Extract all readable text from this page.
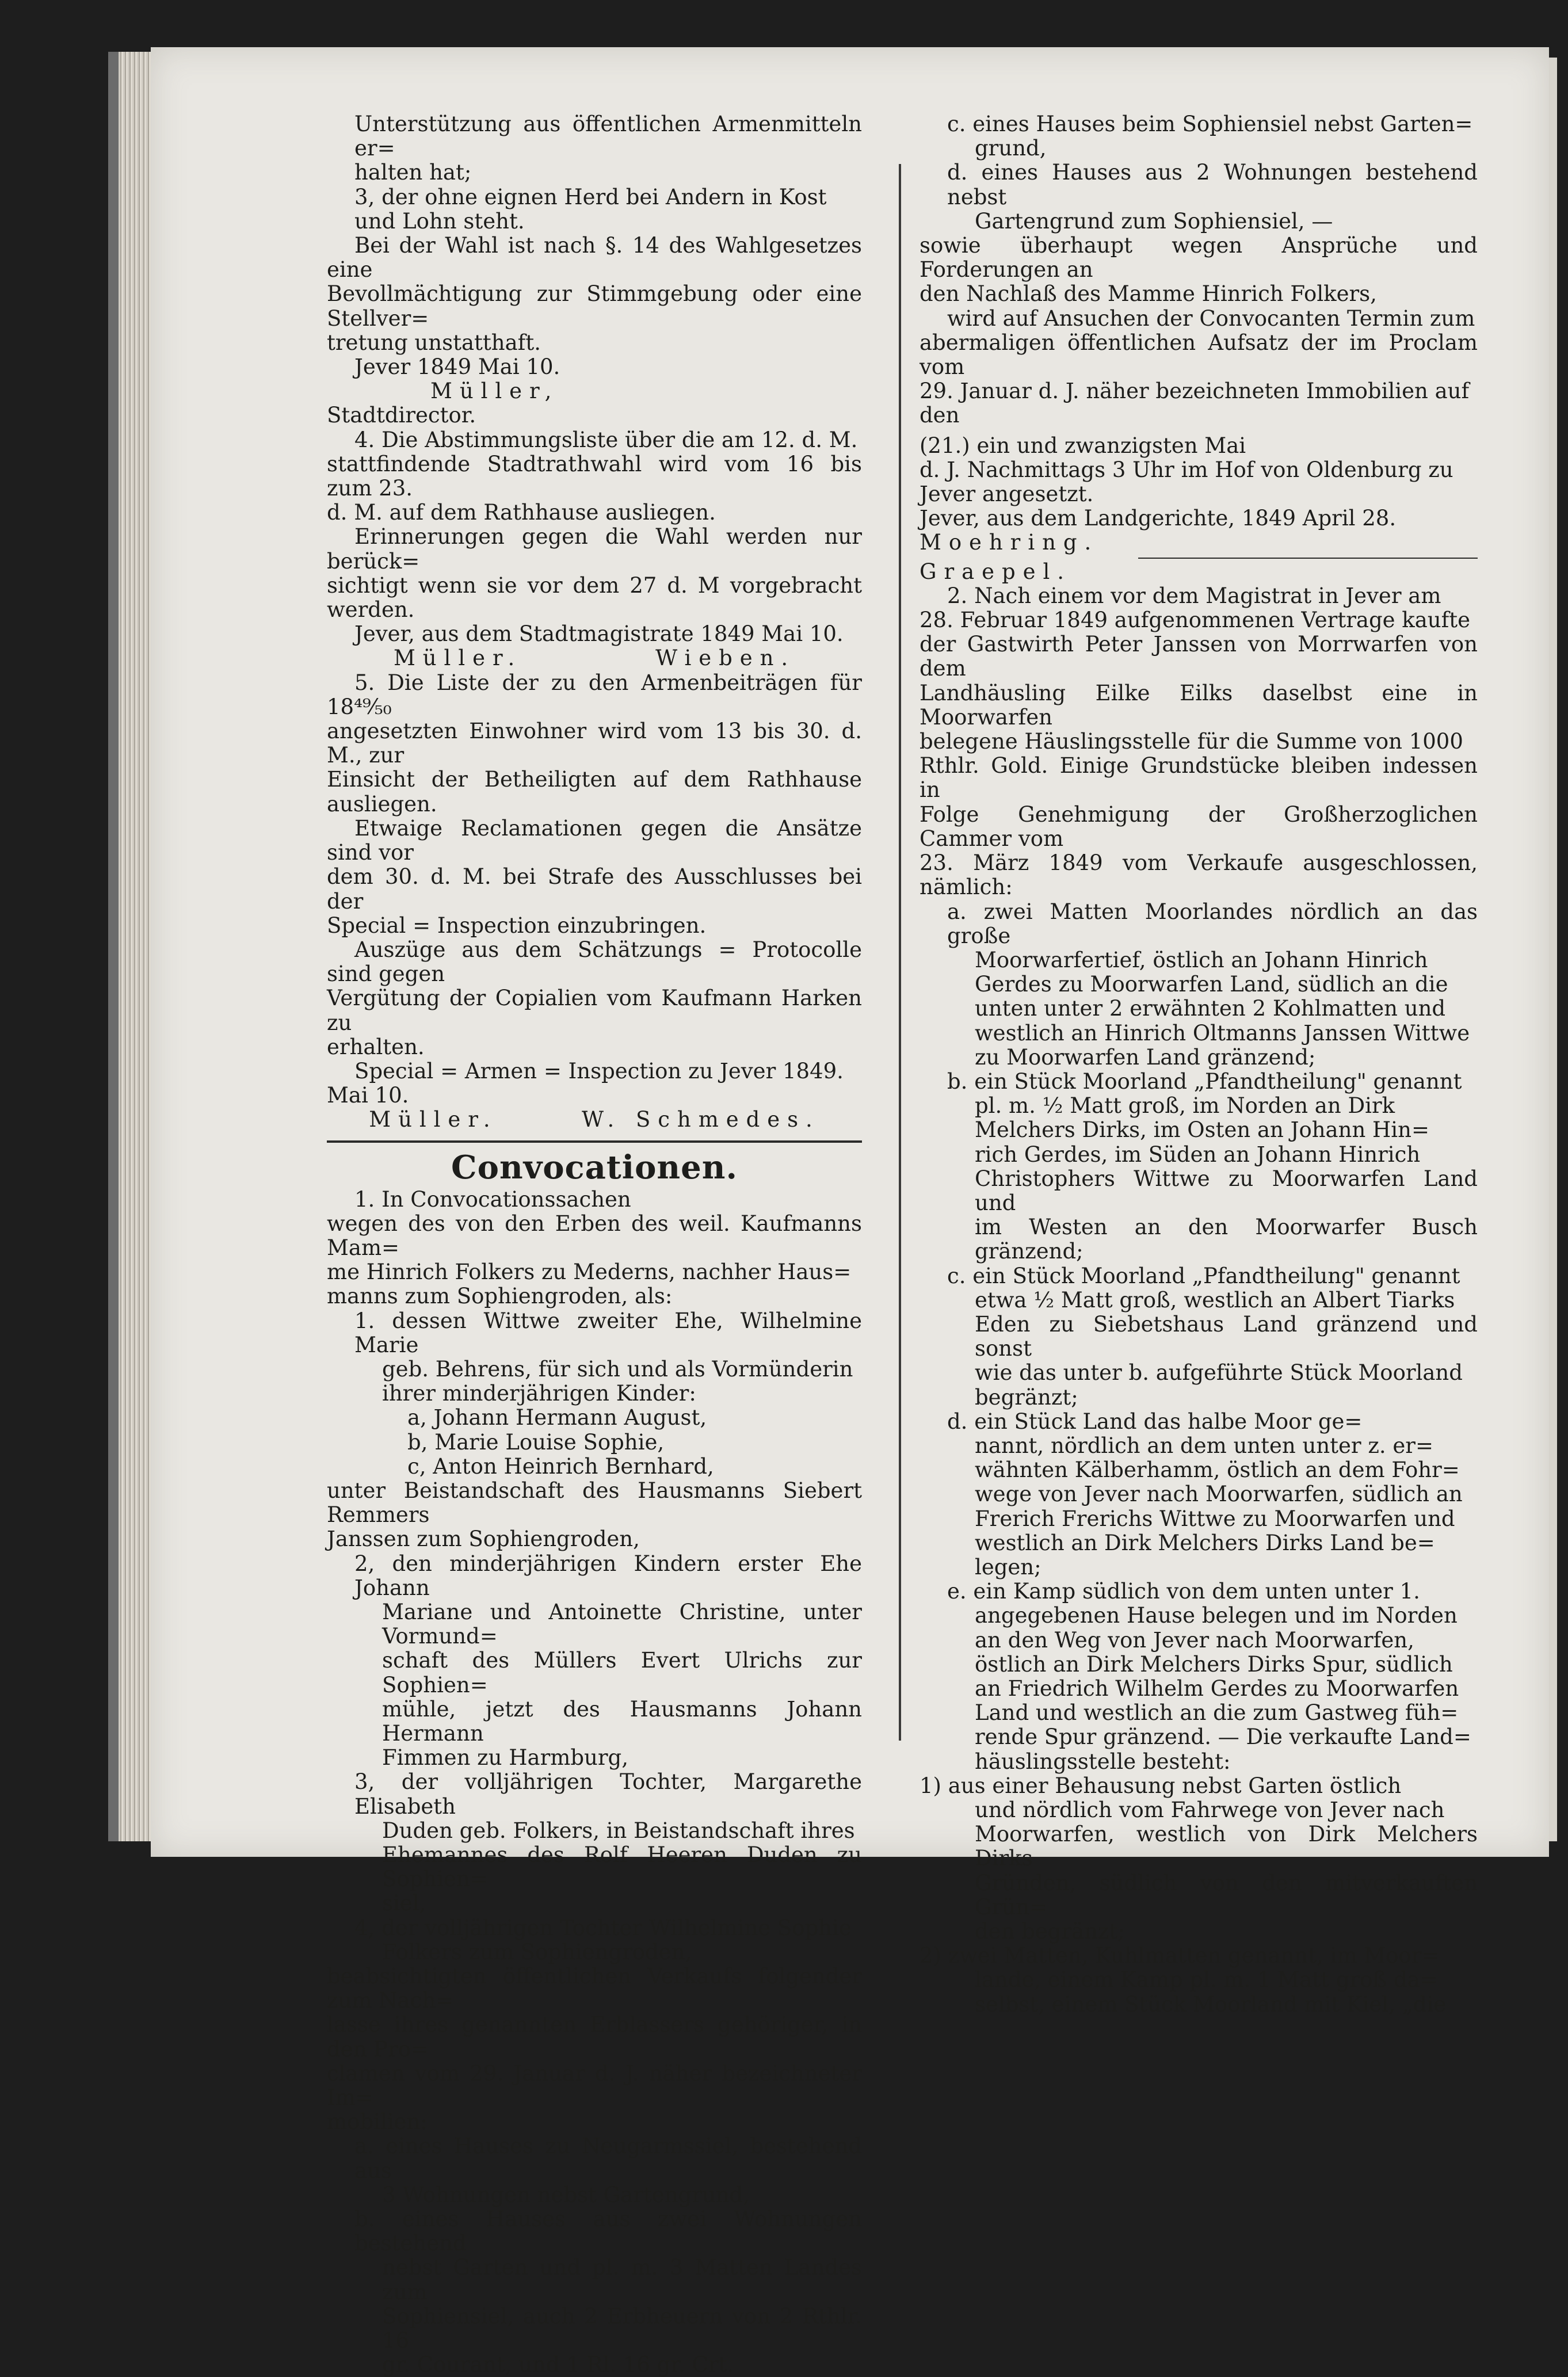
Unterstützung aus öffentlichen Armenmitteln er=

halten hat;

3, der ohne eignen Herd bei Andern in Kost

und Lohn steht.

Bei der Wahl ist nach §. 14 des Wahlgesetzes eine

Bevollmächtigung zur Stimmgebung oder eine Stellver=

tretung unstatthaft.

Jever 1849 Mai 10.

Müller,

Stadtdirector.

4. Die Abstimmungsliste über die am 12. d. M.

stattfindende Stadtrathwahl wird vom 16 bis zum 23.

d. M. auf dem Rathhause ausliegen.

Erinnerungen gegen die Wahl werden nur berück=

sichtigt wenn sie vor dem 27 d. M vorgebracht werden.

Jever, aus dem Stadtmagistrate 1849 Mai 10.

Müller.	Wieben.

5. Die Liste der zu den Armenbeiträgen für 18⁴⁹⁄₅₀

angesetzten Einwohner wird vom 13 bis 30. d. M., zur

Einsicht der Betheiligten auf dem Rathhause ausliegen.

Etwaige Reclamationen gegen die Ansätze sind vor

dem 30. d. M. bei Strafe des Ausschlusses bei der

Special = Inspection einzubringen.

Auszüge aus dem Schätzungs = Protocolle sind gegen

Vergütung der Copialien vom Kaufmann Harken zu

erhalten.

Special = Armen = Inspection zu Jever 1849.

Mai 10.

Müller.	W. Schmedes.
Convocationen.

1. In Convocationssachen

wegen des von den Erben des weil. Kaufmanns Mam=

me Hinrich Folkers zu Mederns, nachher Haus=

manns zum Sophiengroden, als:

1. dessen Wittwe zweiter Ehe, Wilhelmine Marie

geb. Behrens, für sich und als Vormünderin

ihrer minderjährigen Kinder:

a, Johann Hermann August,

b, Marie Louise Sophie,

c, Anton Heinrich Bernhard,

unter Beistandschaft des Hausmanns Siebert Remmers

Janssen zum Sophiengroden,

2, den minderjährigen Kindern erster Ehe Johann

Mariane und Antoinette Christine, unter Vormund=

schaft des Müllers Evert Ulrichs zur Sophien=

mühle, jetzt des Hausmanns Johann Hermann

Fimmen zu Harmburg,

3, der volljährigen Tochter, Margarethe Elisabeth

Duden geb. Folkers, in Beistandschaft ihres

Ehemannes des Rolf Heeren Duden zu Sophien=

siel,

4, der volljährigen Tochter Wilhelmine Sophie

Folkers zum Sophiengroden,

beabsichtigten öffentlichen Verkaufs folgender zum Nach=

lasse ihres genannten Erblassers gehöriger, in den Pro=

clamen vom 29. Januar d. J. näher bezeichneter Im=

mobilien:

a. eines Hauses zu Neugarmssiel, bestehend aus

3 Wohnungen nebst Gartengrund,

b. eines Hauses aus zwei Wohnungen bestehend

nebst Garten und pl. m. 3 Matten Landes zum

Sophiensiel, auch 2 Erbheuern von 2 Rthlr. 16

gr. Courant, und 1 Rl. 16 gr. Crt.

c. eines Hauses beim Sophiensiel nebst Garten=

grund,

d. eines Hauses aus 2 Wohnungen bestehend nebst

Gartengrund zum Sophiensiel, —

sowie überhaupt wegen Ansprüche und Forderungen an

den Nachlaß des Mamme Hinrich Folkers,

wird auf Ansuchen der Convocanten Termin zum

abermaligen öffentlichen Aufsatz der im Proclam vom

29. Januar d. J. näher bezeichneten Immobilien auf

den

(21.) ein und zwanzigsten Mai

d. J. Nachmittags 3 Uhr im Hof von Oldenburg zu

Jever angesetzt.

Jever, aus dem Landgerichte, 1849 April 28.

Moehring.

Graepel.

2. Nach einem vor dem Magistrat in Jever am

28. Februar 1849 aufgenommenen Vertrage kaufte

der Gastwirth Peter Janssen von Morrwarfen von dem

Landhäusling Eilke Eilks daselbst eine in Moorwarfen

belegene Häuslingsstelle für die Summe von 1000

Rthlr. Gold. Einige Grundstücke bleiben indessen in

Folge Genehmigung der Großherzoglichen Cammer vom

23. März 1849 vom Verkaufe ausgeschlossen, nämlich:

a. zwei Matten Moorlandes nördlich an das große

Moorwarfertief, östlich an Johann Hinrich

Gerdes zu Moorwarfen Land, südlich an die

unten unter 2 erwähnten 2 Kohlmatten und

westlich an Hinrich Oltmanns Janssen Wittwe

zu Moorwarfen Land gränzend;

b. ein Stück Moorland „Pfandtheilung" genannt

pl. m. ½ Matt groß, im Norden an Dirk

Melchers Dirks, im Osten an Johann Hin=

rich Gerdes, im Süden an Johann Hinrich

Christophers Wittwe zu Moorwarfen Land und

im Westen an den Moorwarfer Busch gränzend;

c. ein Stück Moorland „Pfandtheilung" genannt

etwa ½ Matt groß, westlich an Albert Tiarks

Eden zu Siebetshaus Land gränzend und sonst

wie das unter b. aufgeführte Stück Moorland

begränzt;

d. ein Stück Land das halbe Moor ge=

nannt, nördlich an dem unten unter z. er=

wähnten Kälberhamm, östlich an dem Fohr=

wege von Jever nach Moorwarfen, südlich an

Frerich Frerichs Wittwe zu Moorwarfen und

westlich an Dirk Melchers Dirks Land be=

legen;

e. ein Kamp südlich von dem unten unter 1.

angegebenen Hause belegen und im Norden

an den Weg von Jever nach Moorwarfen,

östlich an Dirk Melchers Dirks Spur, südlich

an Friedrich Wilhelm Gerdes zu Moorwarfen

Land und westlich an die zum Gastweg füh=

rende Spur gränzend. — Die verkaufte Land=

häuslingsstelle besteht:

1) aus einer Behausung nebst Garten östlich

und nördlich vom Fahrwege von Jever nach

Moorwarfen, westlich von Dirk Melchers Dirks

Gründen, südlich von den mitverkauften Grün=

den begränzt;

2) zwei Matten, Kuhlmatten genannt, im Moor=

lande, einem Kamp pl. m. 1 Matt groß da=

selbst, einem Stück Moorland mit Kiel, „die
